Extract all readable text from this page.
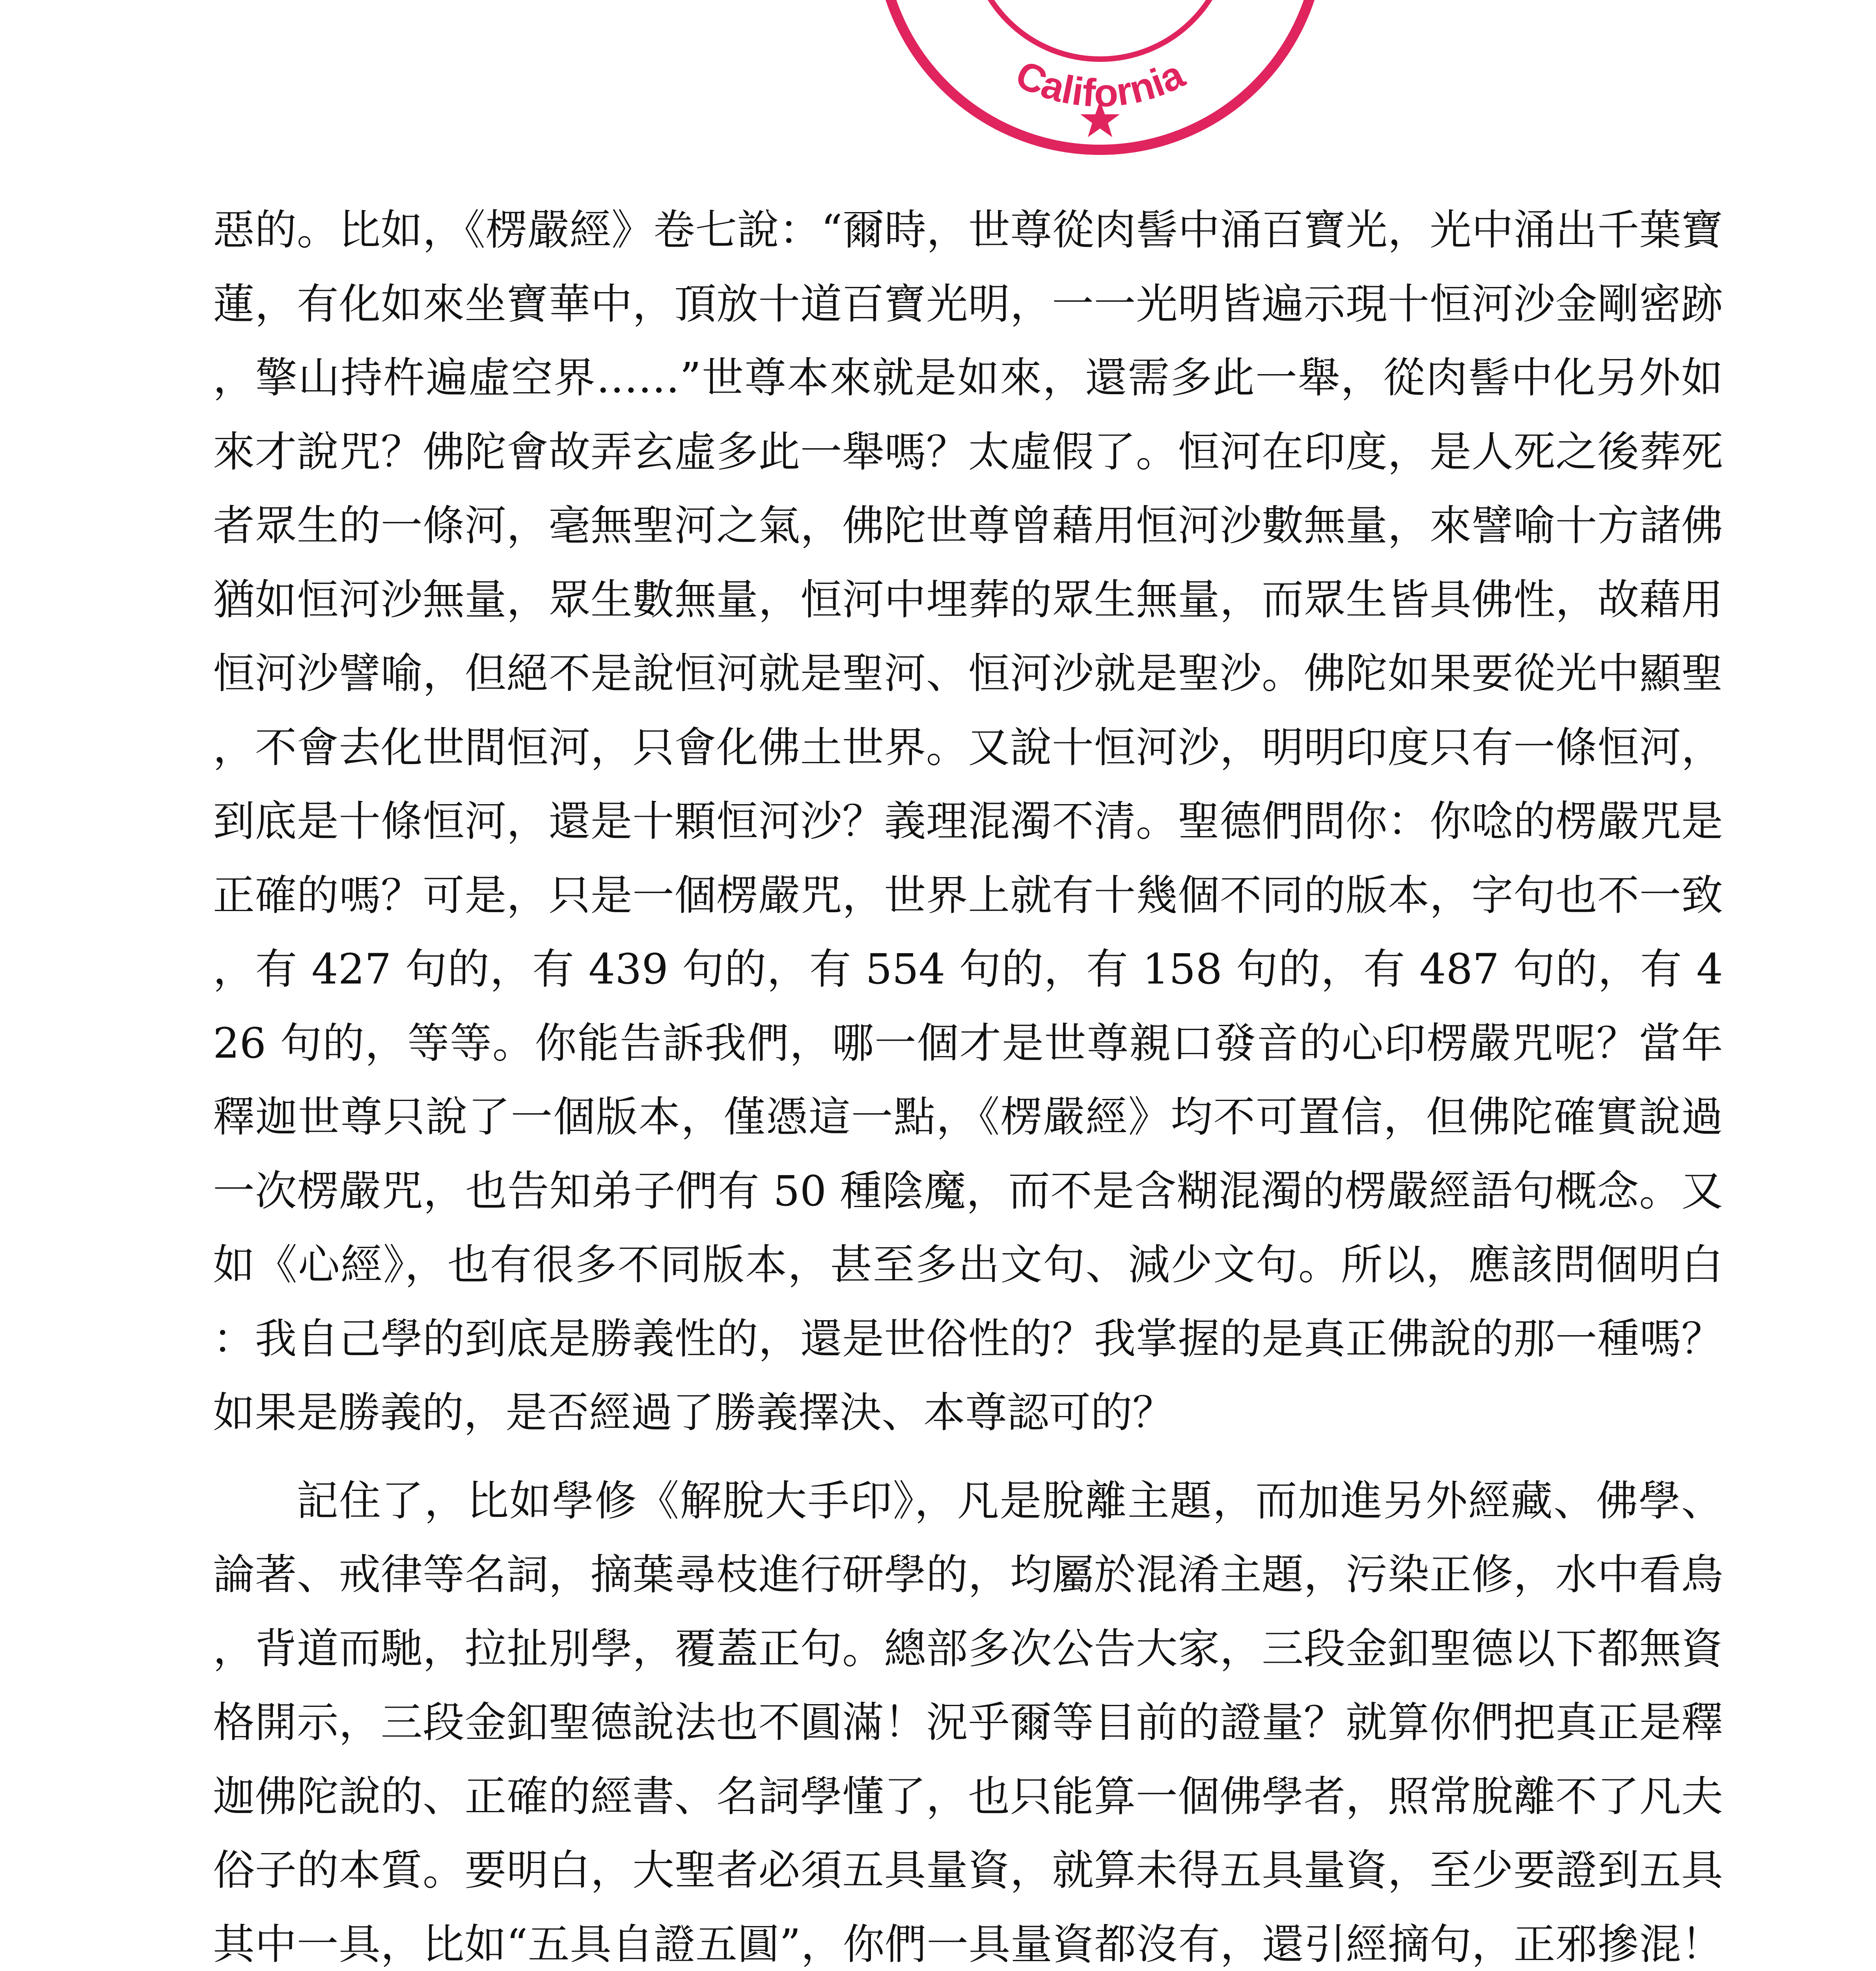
California

惡的。比如，《楞嚴經》卷七說：“爾時，世尊從肉髻中涌百寶光，光中涌出千葉寶蓮，有化如來坐寶華中，頂放十道百寶光明，一一光明皆遍示現十恒河沙金剛密跡，擎山持杵遍虛空界……”世尊本來就是如來，還需多此一舉，從肉髻中化另外如來才說咒？佛陀會故弄玄虛多此一舉嗎？太虛假了。恒河在印度，是人死之後葬死者眾生的一條河，毫無聖河之氣，佛陀世尊曾藉用恒河沙數無量，來譬喻十方諸佛猶如恒河沙無量，眾生數無量，恒河中埋葬的眾生無量，而眾生皆具佛性，故藉用恒河沙譬喻，但絕不是說恒河就是聖河、恒河沙就是聖沙。佛陀如果要從光中顯聖，不會去化世間恒河，只會化佛土世界。又說十恒河沙，明明印度只有一條恒河，到底是十條恒河，還是十顆恒河沙？義理混濁不清。聖德們問你：你唸的楞嚴咒是正確的嗎？可是，只是一個楞嚴咒，世界上就有十幾個不同的版本，字句也不一致，有 427 句的，有 439 句的，有 554 句的，有 158 句的，有 487 句的，有 426 句的，等等。你能告訴我們，哪一個才是世尊親口發音的心印楞嚴咒呢？當年釋迦世尊只說了一個版本，僅憑這一點，《楞嚴經》均不可置信，但佛陀確實說過一次楞嚴咒，也告知弟子們有 50 種陰魔，而不是含糊混濁的楞嚴經語句概念。又如《心經》，也有很多不同版本，甚至多出文句、減少文句。所以，應該問個明白：我自己學的到底是勝義性的，還是世俗性的？我掌握的是真正佛說的那一種嗎？如果是勝義的，是否經過了勝義擇決、本尊認可的？

記住了，比如學修《解脫大手印》，凡是脫離主題，而加進另外經藏、佛學、論著、戒律等名詞，摘葉尋枝進行研學的，均屬於混淆主題，污染正修，水中看鳥，背道而馳，拉扯別學，覆蓋正句。總部多次公告大家，三段金釦聖德以下都無資格開示，三段金釦聖德說法也不圓滿！況乎爾等目前的證量？就算你們把真正是釋迦佛陀說的、正確的經書、名詞學懂了，也只能算一個佛學者，照常脫離不了凡夫俗子的本質。要明白，大聖者必須五具量資，就算未得五具量資，至少要證到五具其中一具，比如“五具自證五圓”，你們一具量資都沒有，還引經摘句，正邪摻混！
